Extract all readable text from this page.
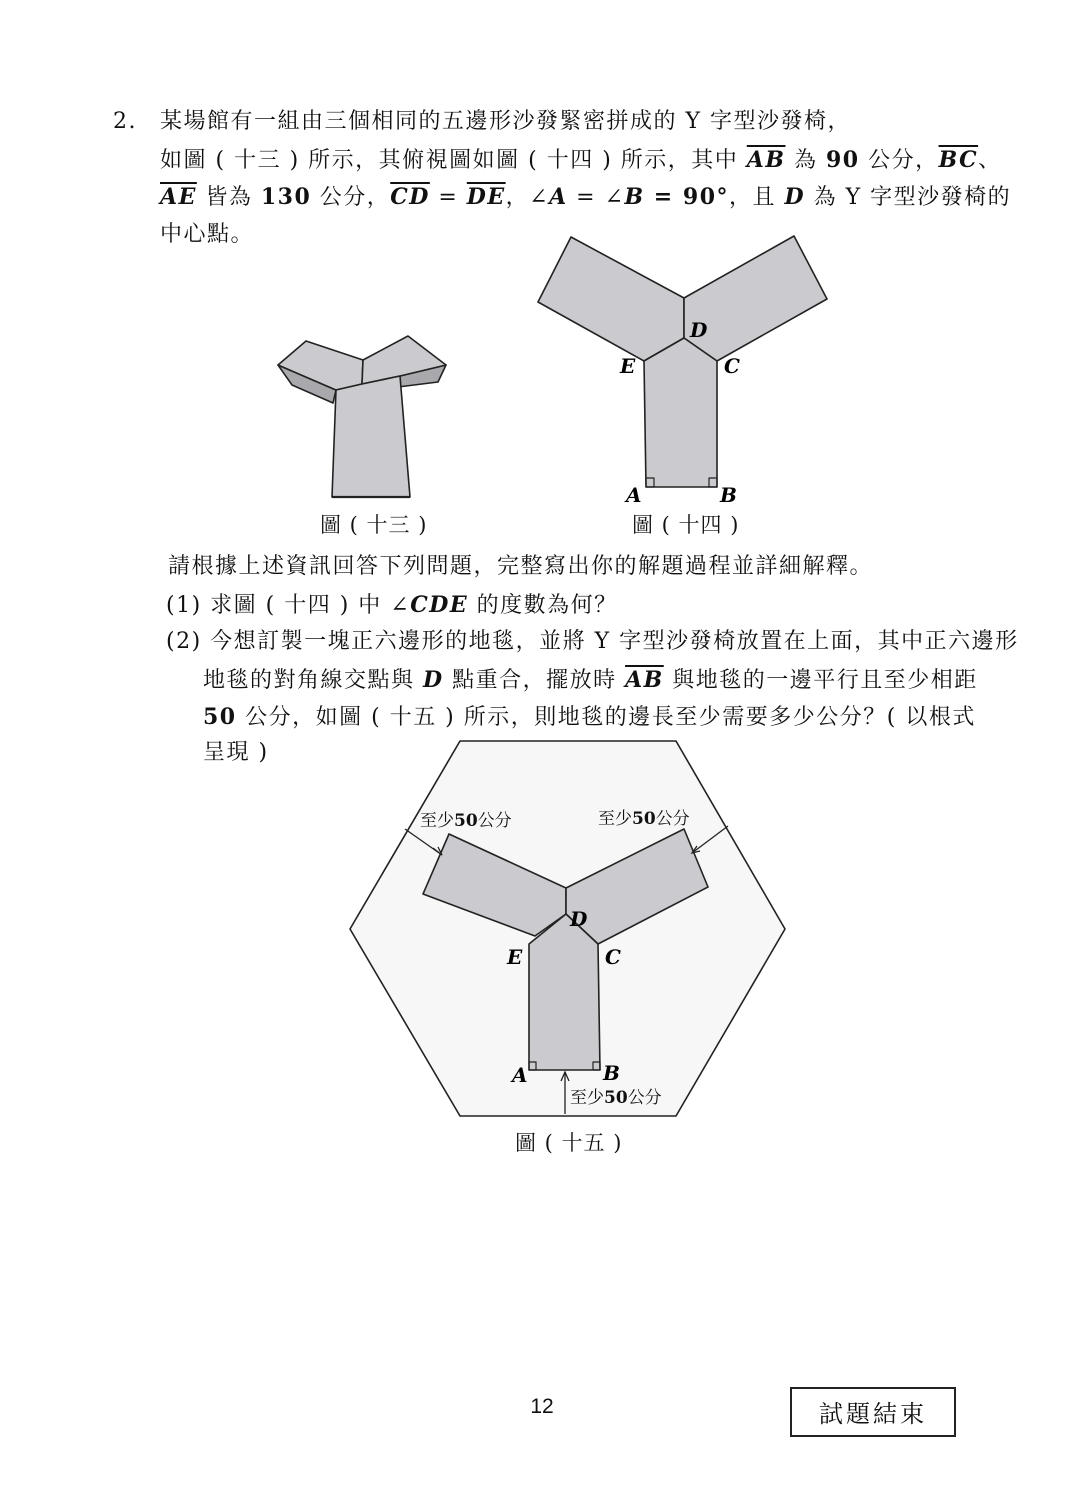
2. 某場館有一組由三個相同的五邊形沙發緊密拼成的 Y 字型沙發椅，
如圖 ( 十三 ) 所示，其俯視圖如圖 ( 十四 ) 所示，其中 $\overline{AB}$ 為 90 公分，$\overline{BC}$、
$\overline{AE}$ 皆為 130 公分，$\overline{CD} = \overline{DE}$，∠A = ∠B = 90°，且 D 為 Y 字型沙發椅的
中心點。
D
E	C
A	B
D
E	C
A	B
至少50公分	至少50公分
至少50公分
圖 ( 十三 )	圖 ( 十四 )
請根據上述資訊回答下列問題，完整寫出你的解題過程並詳細解釋。
(1) 求圖 ( 十四 ) 中 ∠CDE 的度數為何？
(2) 今想訂製一塊正六邊形的地毯，並將 Y 字型沙發椅放置在上面，其中正六邊形
地毯的對角線交點與 D 點重合，擺放時 $\overline{AB}$ 與地毯的一邊平行且至少相距
50 公分，如圖 ( 十五 ) 所示，則地毯的邊長至少需要多少公分？( 以根式
呈現 )
圖 ( 十五 )
12	試題結束
